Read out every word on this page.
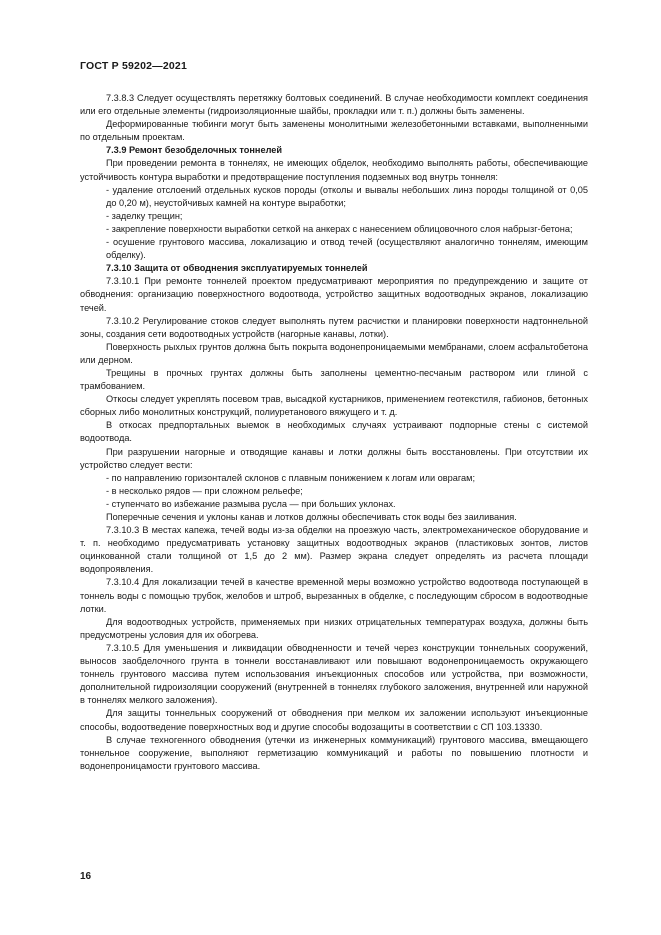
ГОСТ Р 59202—2021

7.3.8.3 Следует осуществлять перетяжку болтовых соединений. В случае необходимости комплект соединения или его отдельные элементы (гидроизоляционные шайбы, прокладки или т. п.) должны быть заменены.

Деформированные тюбинги могут быть заменены монолитными железобетонными вставками, выполненными по отдельным проектам.

7.3.9 Ремонт безобделочных тоннелей

При проведении ремонта в тоннелях, не имеющих обделок, необходимо выполнять работы, обеспечивающие устойчивость контура выработки и предотвращение поступления подземных вод внутрь тоннеля:

- удаление отслоений отдельных кусков породы (отколы и вывалы небольших линз породы толщиной от 0,05 до 0,20 м), неустойчивых камней на контуре выработки;

- заделку трещин;

- закрепление поверхности выработки сеткой на анкерах с нанесением облицовочного слоя набрызг-бетона;

- осушение грунтового массива, локализацию и отвод течей (осуществляют аналогично тоннелям, имеющим обделку).

7.3.10 Защита от обводнения эксплуатируемых тоннелей

7.3.10.1 При ремонте тоннелей проектом предусматривают мероприятия по предупреждению и защите от обводнения: организацию поверхностного водоотвода, устройство защитных водоотводных экранов, локализацию течей.

7.3.10.2 Регулирование стоков следует выполнять путем расчистки и планировки поверхности надтоннельной зоны, создания сети водоотводных устройств (нагорные канавы, лотки).

Поверхность рыхлых грунтов должна быть покрыта водонепроницаемыми мембранами, слоем асфальтобетона или дерном.

Трещины в прочных грунтах должны быть заполнены цементно-песчаным раствором или глиной с трамбованием.

Откосы следует укреплять посевом трав, высадкой кустарников, применением геотекстиля, габионов, бетонных сборных либо монолитных конструкций, полиуретанового вяжущего и т. д.

В откосах предпортальных выемок в необходимых случаях устраивают подпорные стены с системой водоотвода.

При разрушении нагорные и отводящие канавы и лотки должны быть восстановлены. При отсутствии их устройство следует вести:

- по направлению горизонталей склонов с плавным понижением к логам или оврагам;

- в несколько рядов — при сложном рельефе;

- ступенчато во избежание размыва русла — при больших уклонах.

Поперечные сечения и уклоны канав и лотков должны обеспечивать сток воды без заиливания.

7.3.10.3 В местах капежа, течей воды из-за обделки на проезжую часть, электромеханическое оборудование и т. п. необходимо предусматривать установку защитных водоотводных экранов (пластиковых зонтов, листов оцинкованной стали толщиной от 1,5 до 2 мм). Размер экрана следует определять из расчета площади водопроявления.

7.3.10.4 Для локализации течей в качестве временной меры возможно устройство водоотвода поступающей в тоннель воды с помощью трубок, желобов и штроб, вырезанных в обделке, с последующим сбросом в водоотводные лотки.

Для водоотводных устройств, применяемых при низких отрицательных температурах воздуха, должны быть предусмотрены условия для их обогрева.

7.3.10.5 Для уменьшения и ликвидации обводненности и течей через конструкции тоннельных сооружений, выносов заобделочного грунта в тоннели восстанавливают или повышают водонепроницаемость окружающего тоннель грунтового массива путем использования инъекционных способов или устройства, при возможности, дополнительной гидроизоляции сооружений (внутренней в тоннелях глубокого заложения, внутренней или наружной в тоннелях мелкого заложения).

Для защиты тоннельных сооружений от обводнения при мелком их заложении используют инъекционные способы, водоотведение поверхностных вод и другие способы водозащиты в соответствии с СП 103.13330.

В случае техногенного обводнения (утечки из инженерных коммуникаций) грунтового массива, вмещающего тоннельное сооружение, выполняют герметизацию коммуникаций и работы по повышению плотности и водонепроницамости грунтового массива.

16
